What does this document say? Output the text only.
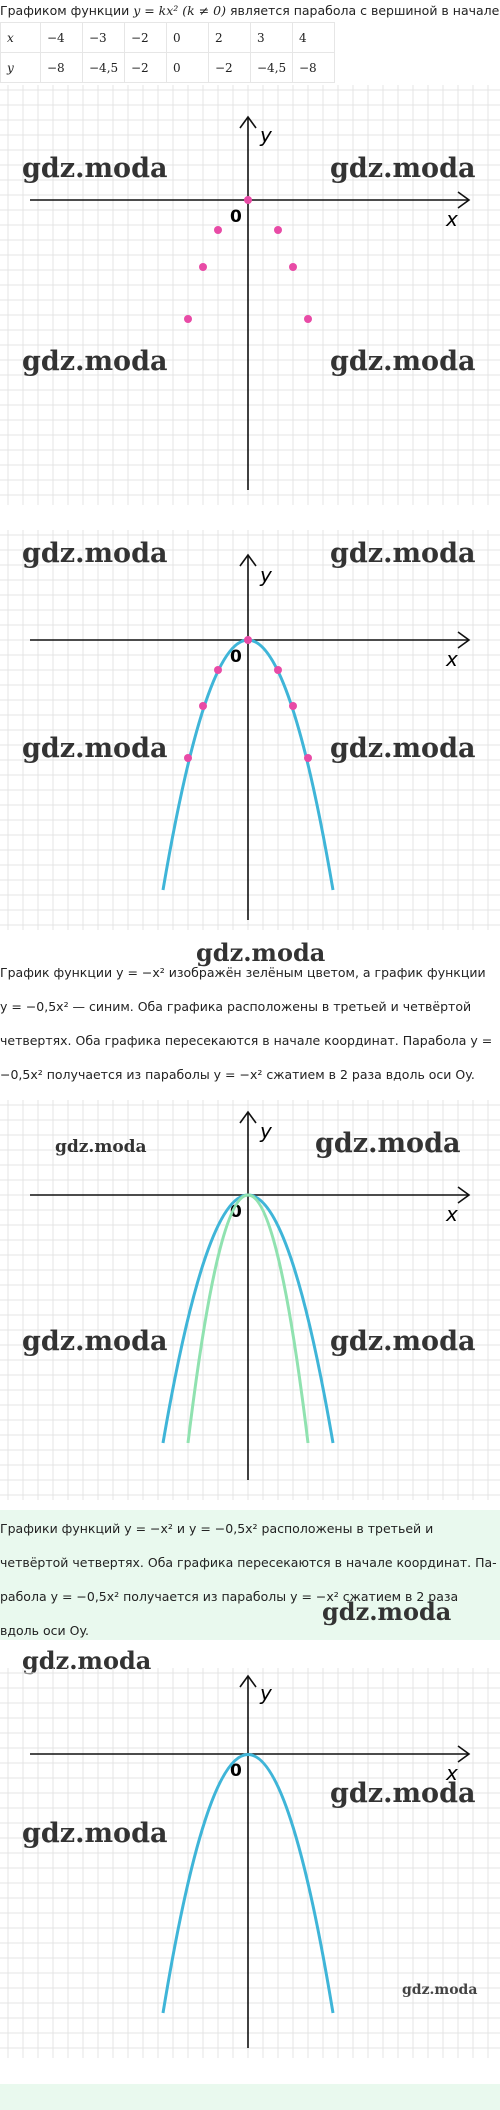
Графиком функции y = kx² (k ≠ 0) является парабола с вершиной в начале
x	−4	−3	−2	0	2	3	4
y	−8	−4,5	−2	0	−2	−4,5	−8
gdz.moda	gdz.moda
gdz.moda	gdz.moda
y
x
0
gdz.moda	gdz.moda
gdz.moda	gdz.moda
y
x
0
gdz.moda
График функции y = −x² изображён зелёным цветом, а график функции
y = −0,5x² — синим. Оба графика расположены в третьей и четвёртой
четвертях. Оба графика пересекаются в начале координат. Парабола y =
−0,5x² получается из параболы y = −x² сжатием в 2 раза вдоль оси Oy.
gdz.moda	gdz.moda
gdz.moda	gdz.moda
y
x
0
gdz.moda
Графики функций y = −x² и y = −0,5x² расположены в третьей и
четвёртой четвертях. Оба графика пересекаются в начале координат. Па-
рабола y = −0,5x² получается из параболы y = −x² сжатием в 2 раза
вдоль оси Oy.
gdz.moda
gdz.moda
gdz.moda
gdz.moda
y
x
0
